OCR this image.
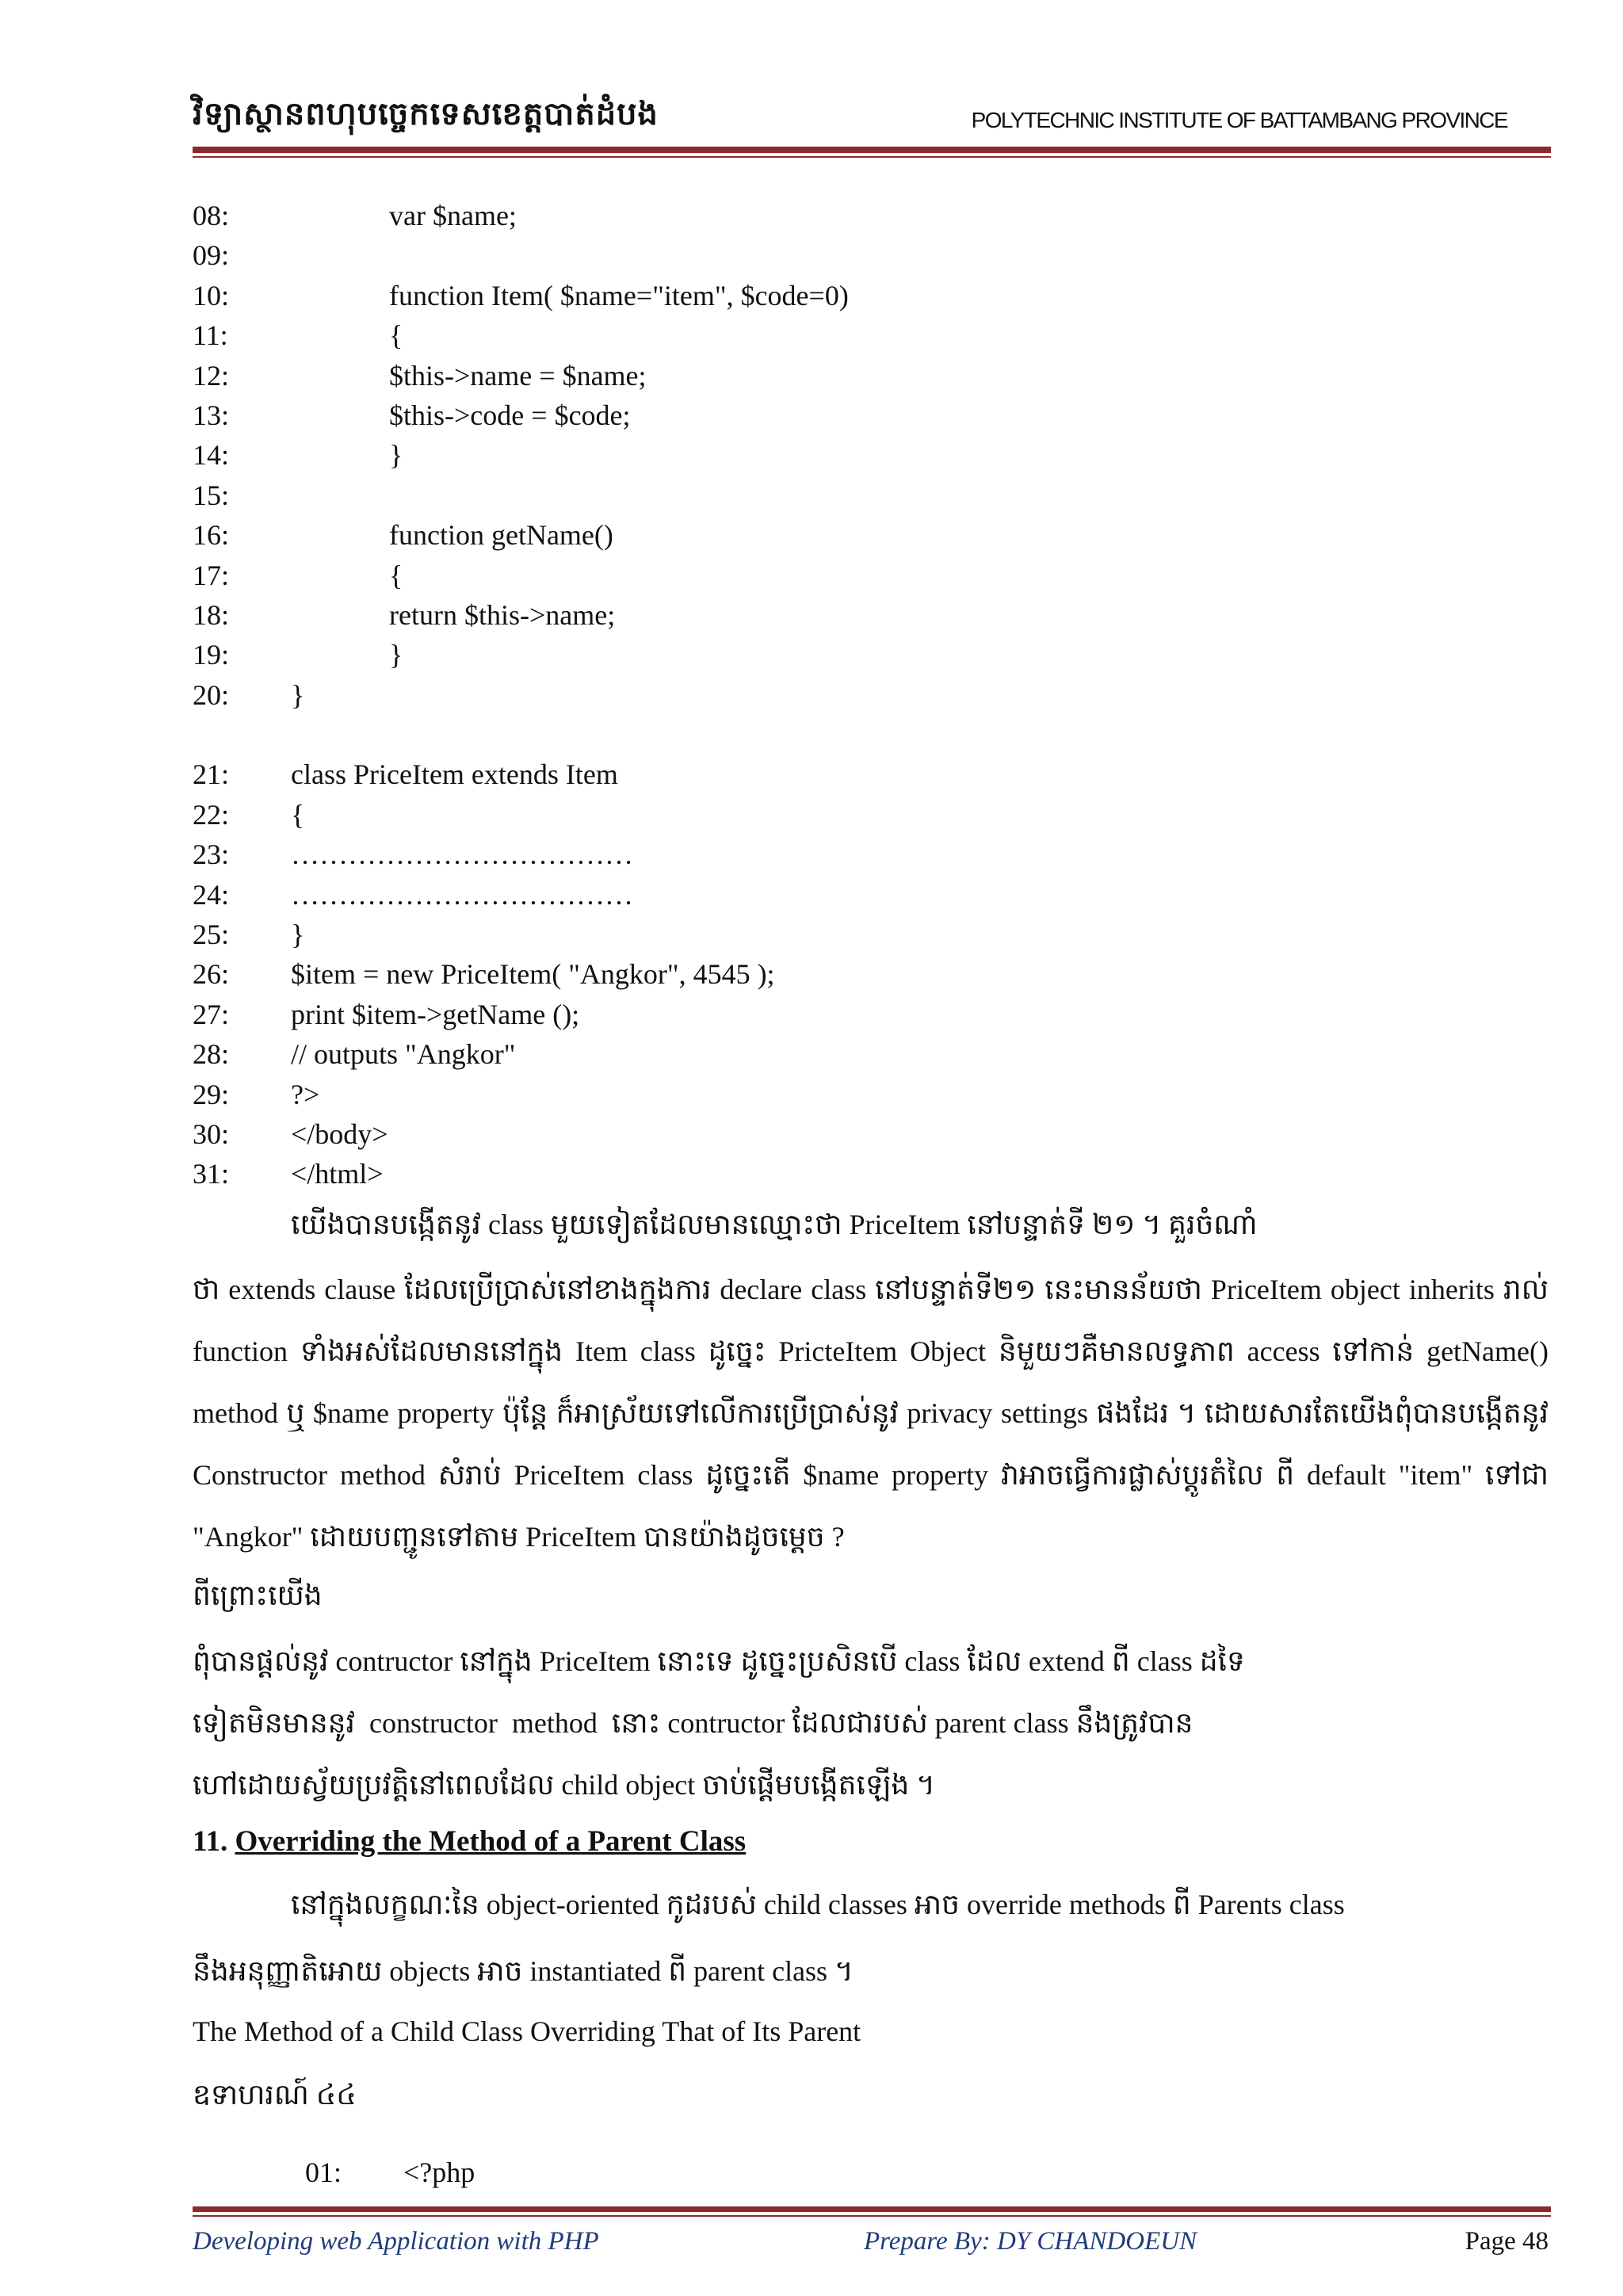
វិទ្យាស្ថានពហុបច្ចេកទេសខេត្តបាត់ដំបង	POLYTECHNIC INSTITUTE OF BATTAMBANG PROVINCE
08:	var $name;
09:
10:	function Item( $name="item", $code=0)
11:	{
12:	$this->name = $name;
13:	$this->code = $code;
14:	}
15:
16:	function getName()
17:	{
18:	return $this->name;
19:	}
20:	}
21:	class PriceItem extends Item
22:	{
23:	………………………………
24:	………………………………
25:	}
26:	$item = new PriceItem( "Angkor", 4545 );
27:	print $item->getName ();
28:	// outputs "Angkor"
29:	?>
30:	</body>
31:	</html>
យើងបានបង្កើតនូវ class មួយទៀតដែលមានឈ្មោះថា PriceItem នៅបន្ទាត់ទី ២១ ។ គួរចំណាំ
ថា extends clause ដែលប្រើប្រាស់នៅខាងក្នុងការ declare class នៅបន្ទាត់ទី២១ នេះមានន័យថា PriceItem object inherits រាល់ function ទាំងអស់ដែលមាននៅក្នុង Item class ដូច្នេះ PricteItem Object និមួយៗគឺមានលទ្ធភាព access ទៅកាន់ getName() method ឬ $name property ប៉ុន្តែ ក៏អាស្រ័យទៅលើការប្រើប្រាស់នូវ privacy settings ផងដែរ ។ ដោយសារតែយើងពុំបានបង្កើតនូវ Constructor method សំរាប់ PriceItem class ដូច្នេះតើ $name property វាអាចធ្វើការផ្លាស់ប្តូរតំលៃ ពី default "item" ទៅជា "Angkor" ដោយបញ្ជូនទៅតាម PriceItem បានយ៉ាងដូចម្តេច ?
ពីព្រោះយើង
ពុំបានផ្តល់នូវ contructor នៅក្នុង PriceItem នោះទេ ដូច្នេះប្រសិនបើ class ដែល extend ពី class ដទៃ
ទៀតមិនមាននូវ  constructor  method  នោះ contructor ដែលជារបស់ parent class នឹងត្រូវបាន
ហៅដោយស្វ័យប្រវត្តិនៅពេលដែល child object ចាប់ផ្តើមបង្កើតឡើង ។
11. Overriding the Method of a Parent Class
នៅក្នុងលក្ខណៈនៃ object-oriented កូដរបស់ child classes អាច override methods ពី Parents class
នឹងអនុញ្ញាតិអោយ objects អាច instantiated ពី parent class ។
The Method of a Child Class Overriding That of Its Parent
ឧទាហរណ៍ ៤៤

01: <?php

Developing web Application with PHP	Prepare By: DY CHANDOEUN	Page 48
